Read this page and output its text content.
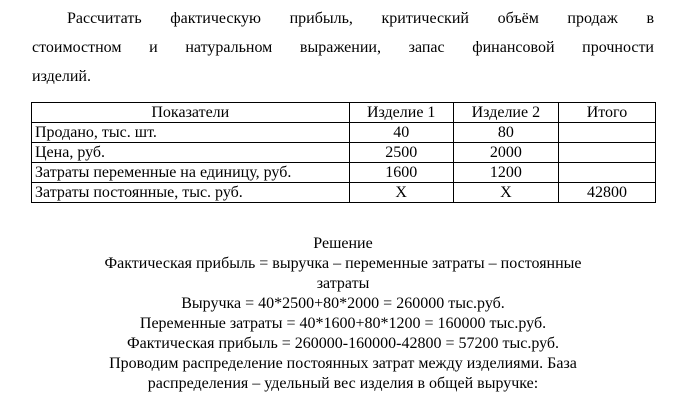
Рассчитать фактическую прибыль, критический объём продаж в
стоимостном и натуральном выражении, запас финансовой прочности
изделий.
Показатели	Изделие 1	Изделие 2	Итого
Продано, тыс. шт.	40	80	
Цена, руб.	2500	2000	
Затраты переменные на единицу, руб.	1600	1200	
Затраты постоянные, тыс. руб.	X	X	42800
Решение
Фактическая прибыль = выручка – переменные затраты – постоянные
затраты
Выручка = 40*2500+80*2000 = 260000 тыс.руб.
Переменные затраты = 40*1600+80*1200 = 160000 тыс.руб.
Фактическая прибыль = 260000-160000-42800 = 57200 тыс.руб.
Проводим распределение постоянных затрат между изделиями. База
распределения – удельный вес изделия в общей выручке:
